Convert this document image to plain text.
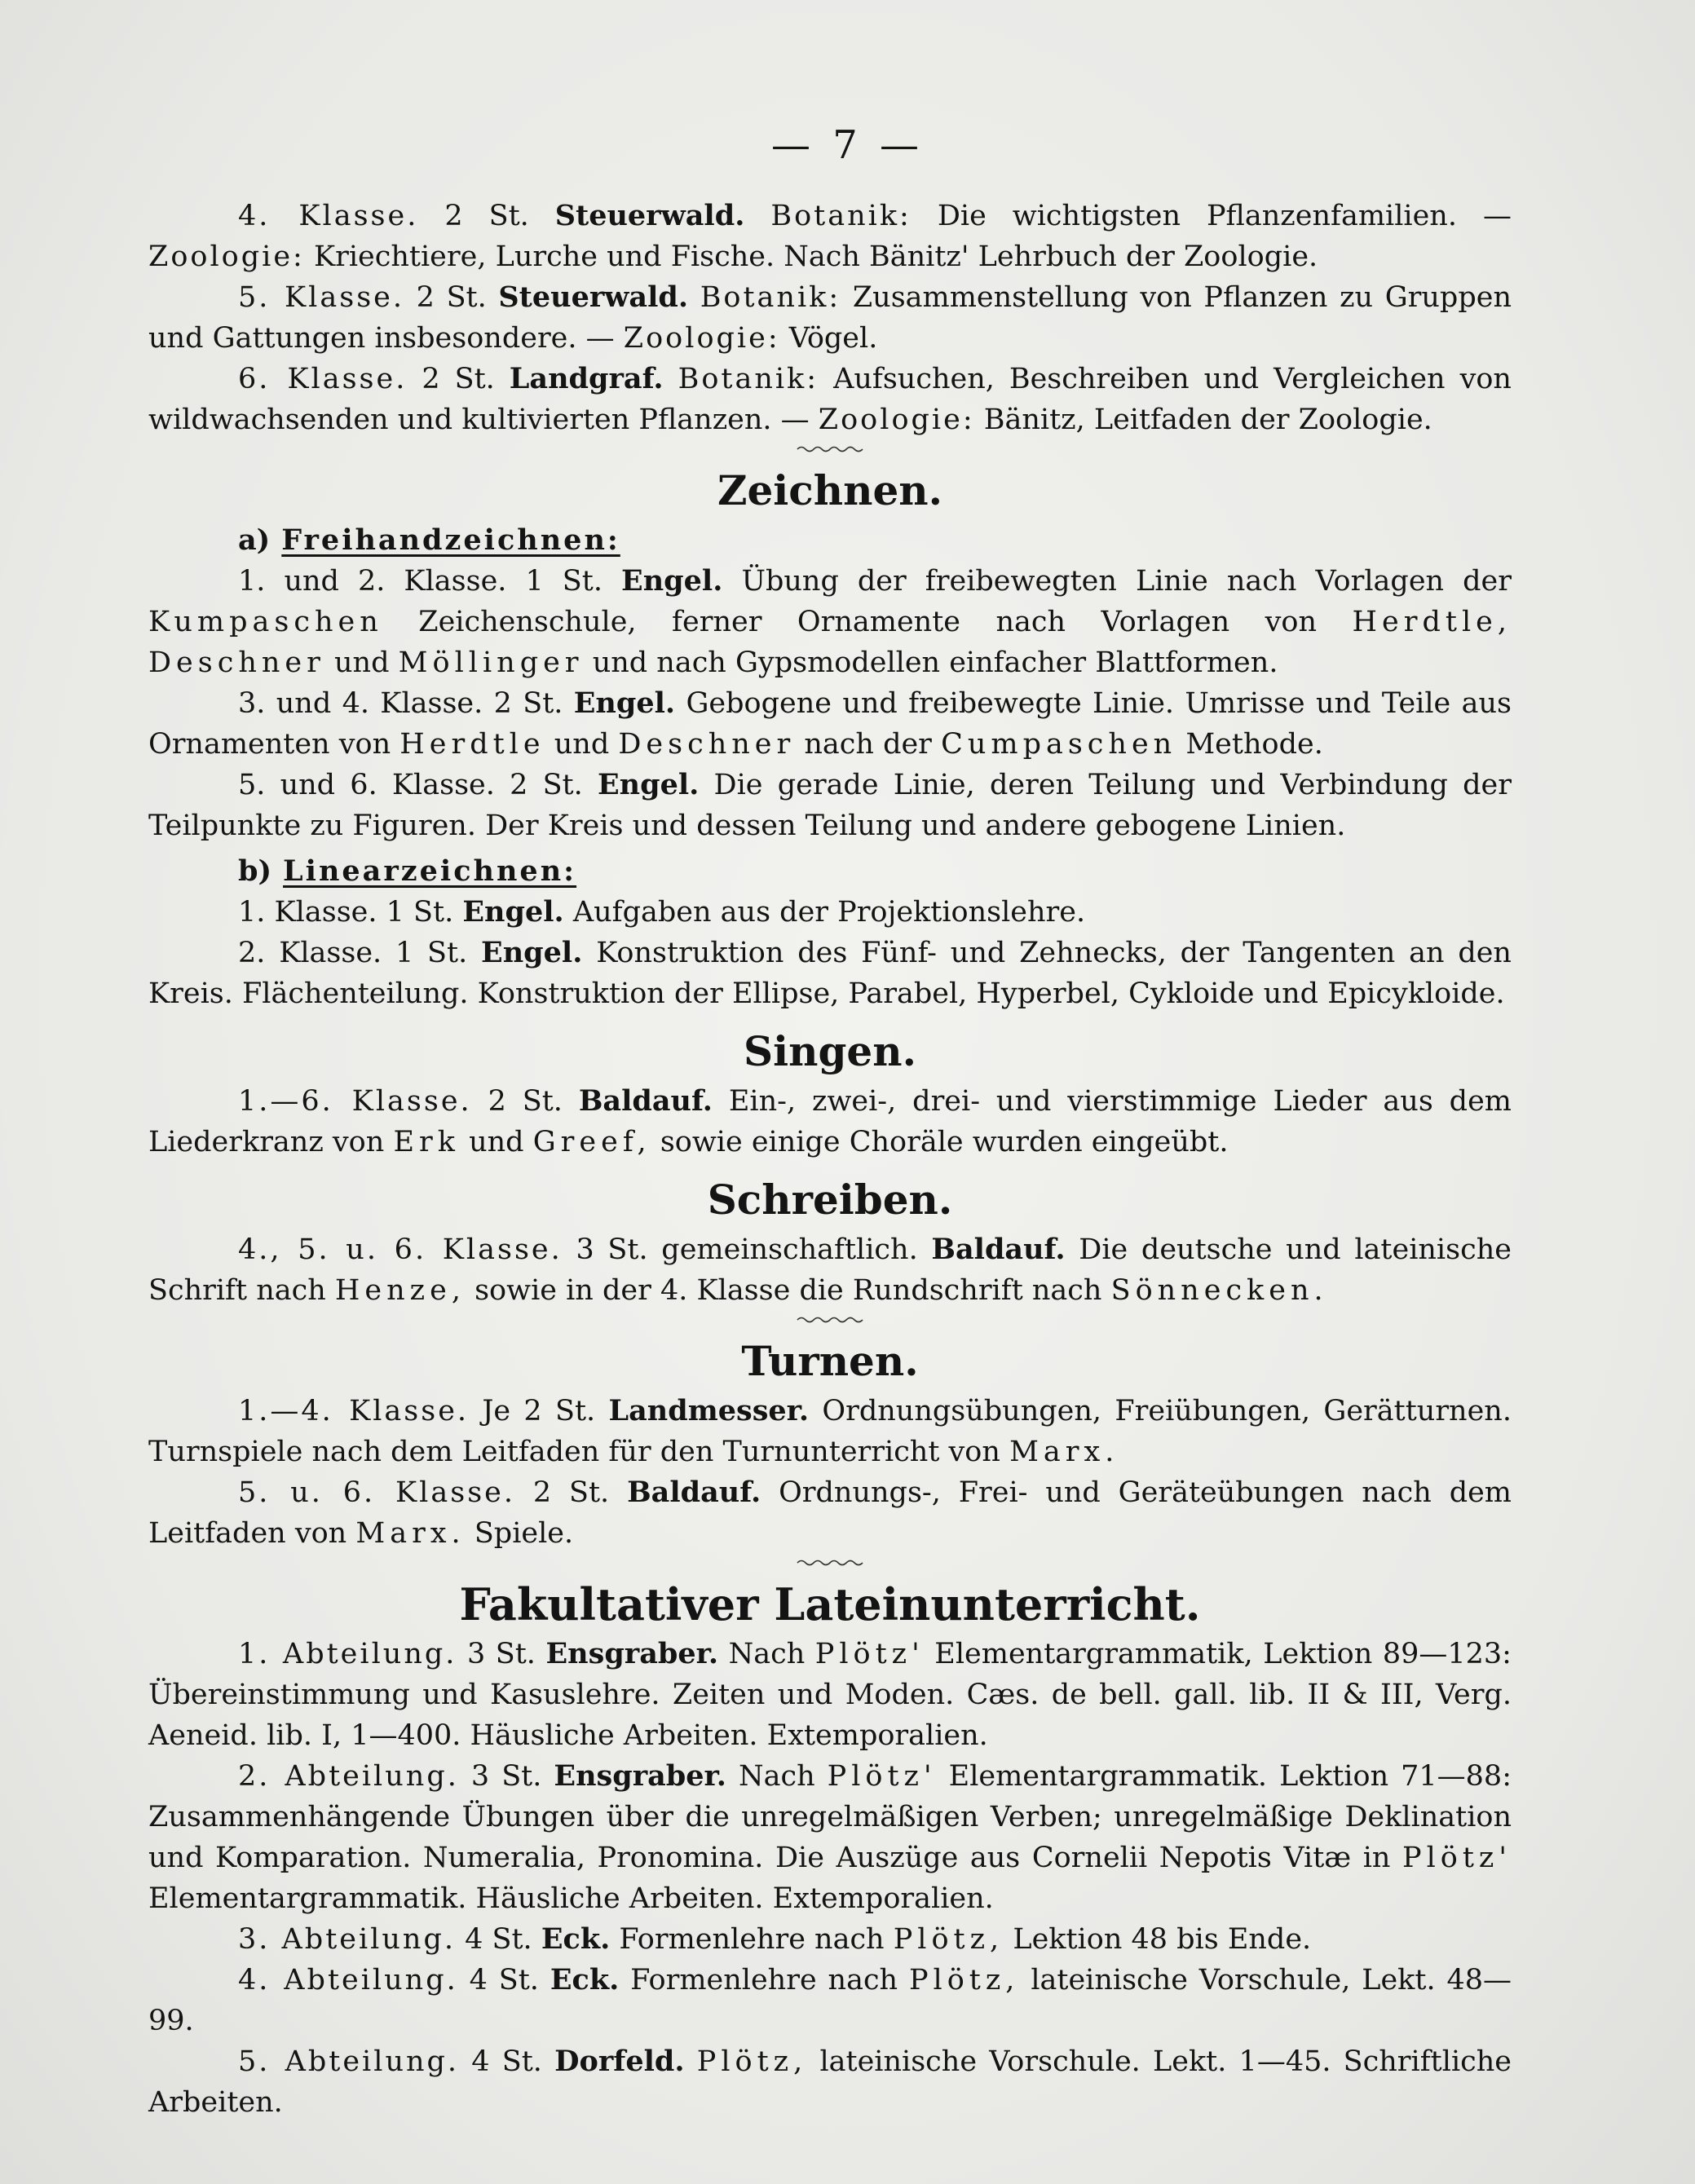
— 7 —

4. Klasse. 2 St. Steuerwald. Botanik: Die wichtigsten Pflanzenfamilien. — Zoologie: Kriechtiere, Lurche und Fische. Nach Bänitz' Lehrbuch der Zoologie.

5. Klasse. 2 St. Steuerwald. Botanik: Zusammenstellung von Pflanzen zu Gruppen und Gattungen insbesondere. — Zoologie: Vögel.

6. Klasse. 2 St. Landgraf. Botanik: Aufsuchen, Beschreiben und Vergleichen von wildwachsenden und kultivierten Pflanzen. — Zoologie: Bänitz, Leitfaden der Zoologie.

Zeichnen.
a) Freihandzeichnen:

1. und 2. Klasse. 1 St. Engel. Übung der freibewegten Linie nach Vorlagen der Kumpaschen Zeichenschule, ferner Ornamente nach Vorlagen von Herdtle, Deschner und Möllinger und nach Gypsmodellen einfacher Blattformen.

3. und 4. Klasse. 2 St. Engel. Gebogene und freibewegte Linie. Umrisse und Teile aus Ornamenten von Herdtle und Deschner nach der Cumpaschen Methode.

5. und 6. Klasse. 2 St. Engel. Die gerade Linie, deren Teilung und Verbindung der Teilpunkte zu Figuren. Der Kreis und dessen Teilung und andere gebogene Linien.

b) Linearzeichnen:

1. Klasse. 1 St. Engel. Aufgaben aus der Projektionslehre.

2. Klasse. 1 St. Engel. Konstruktion des Fünf- und Zehnecks, der Tangenten an den Kreis. Flächenteilung. Konstruktion der Ellipse, Parabel, Hyperbel, Cykloide und Epicykloide.

Singen.

1.—6. Klasse. 2 St. Baldauf. Ein-, zwei-, drei- und vierstimmige Lieder aus dem Liederkranz von Erk und Greef, sowie einige Choräle wurden eingeübt.

Schreiben.

4., 5. u. 6. Klasse. 3 St. gemeinschaftlich. Baldauf. Die deutsche und lateinische Schrift nach Henze, sowie in der 4. Klasse die Rundschrift nach Sönnecken.

Turnen.

1.—4. Klasse. Je 2 St. Landmesser. Ordnungsübungen, Freiübungen, Gerätturnen. Turnspiele nach dem Leitfaden für den Turnunterricht von Marx.

5. u. 6. Klasse. 2 St. Baldauf. Ordnungs-, Frei- und Geräteübungen nach dem Leitfaden von Marx. Spiele.

Fakultativer Lateinunterricht.

1. Abteilung. 3 St. Ensgraber. Nach Plötz' Elementargrammatik, Lektion 89—123: Übereinstimmung und Kasuslehre. Zeiten und Moden. Cæs. de bell. gall. lib. II & III, Verg. Aeneid. lib. I, 1—400. Häusliche Arbeiten. Extemporalien.

2. Abteilung. 3 St. Ensgraber. Nach Plötz' Elementargrammatik. Lektion 71—88: Zusammenhängende Übungen über die unregelmäßigen Verben; unregelmäßige Deklination und Komparation. Numeralia, Pronomina. Die Auszüge aus Cornelii Nepotis Vitæ in Plötz' Elementargrammatik. Häusliche Arbeiten. Extemporalien.

3. Abteilung. 4 St. Eck. Formenlehre nach Plötz, Lektion 48 bis Ende.

4. Abteilung. 4 St. Eck. Formenlehre nach Plötz, lateinische Vorschule, Lekt. 48—99.

5. Abteilung. 4 St. Dorfeld. Plötz, lateinische Vorschule. Lekt. 1—45. Schriftliche Arbeiten.
